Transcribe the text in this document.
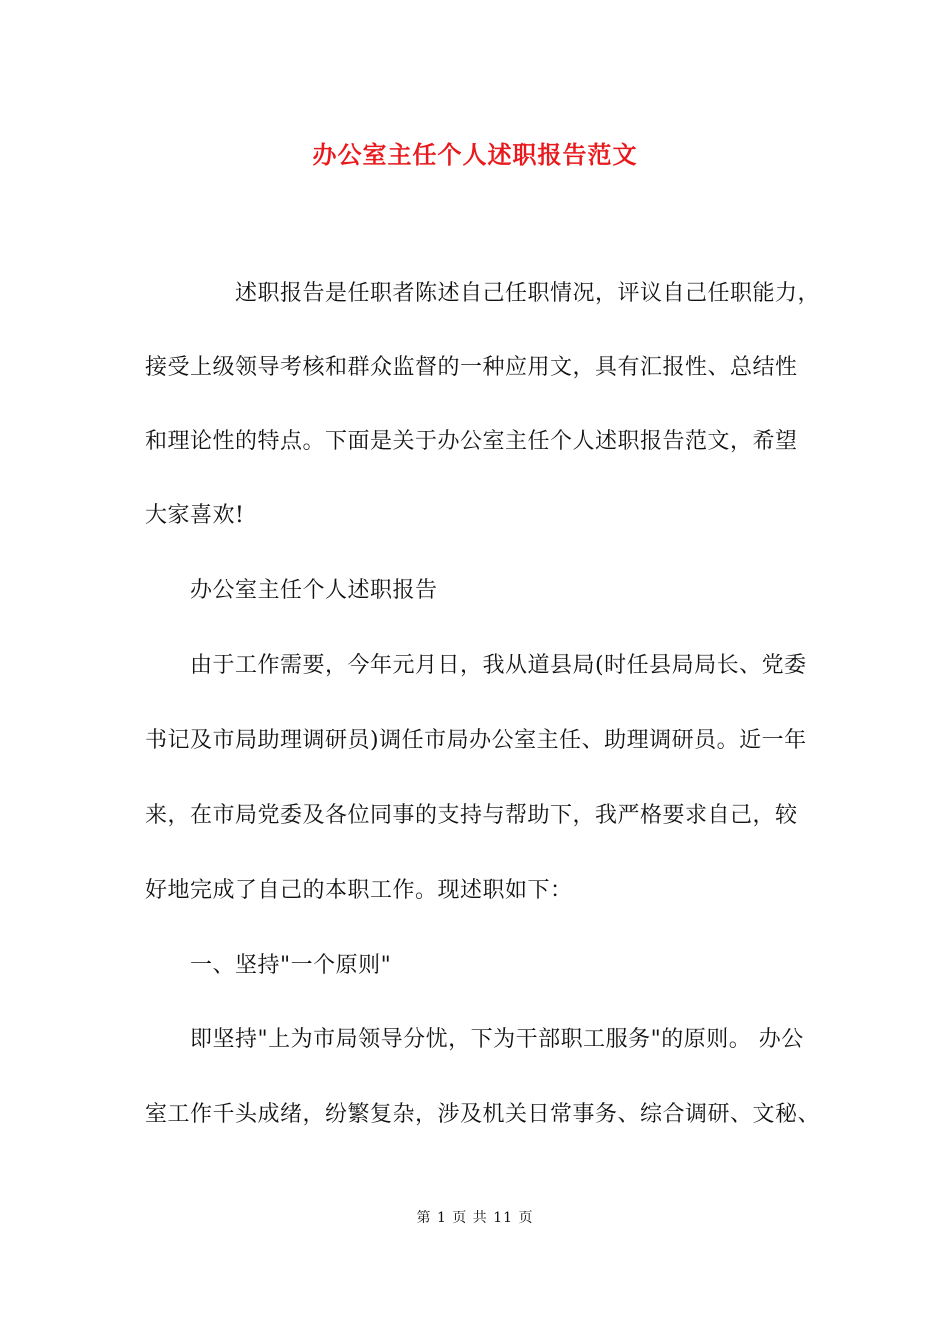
办公室主任个人述职报告范文
述职报告是任职者陈述自己任职情况，评议自己任职能力，
接受上级领导考核和群众监督的一种应用文，具有汇报性、总结性
和理论性的特点。下面是关于办公室主任个人述职报告范文，希望
大家喜欢!
办公室主任个人述职报告
由于工作需要，今年元月日，我从道县局(时任县局局长、党委
书记及市局助理调研员)调任市局办公室主任、助理调研员。近一年
来，在市局党委及各位同事的支持与帮助下，我严格要求自己，较
好地完成了自己的本职工作。现述职如下：
一、坚持"一个原则"
即坚持"上为市局领导分忧，下为干部职工服务"的原则。 办公
室工作千头成绪，纷繁复杂，涉及机关日常事务、综合调研、文秘、
第 1 页 共 11 页
